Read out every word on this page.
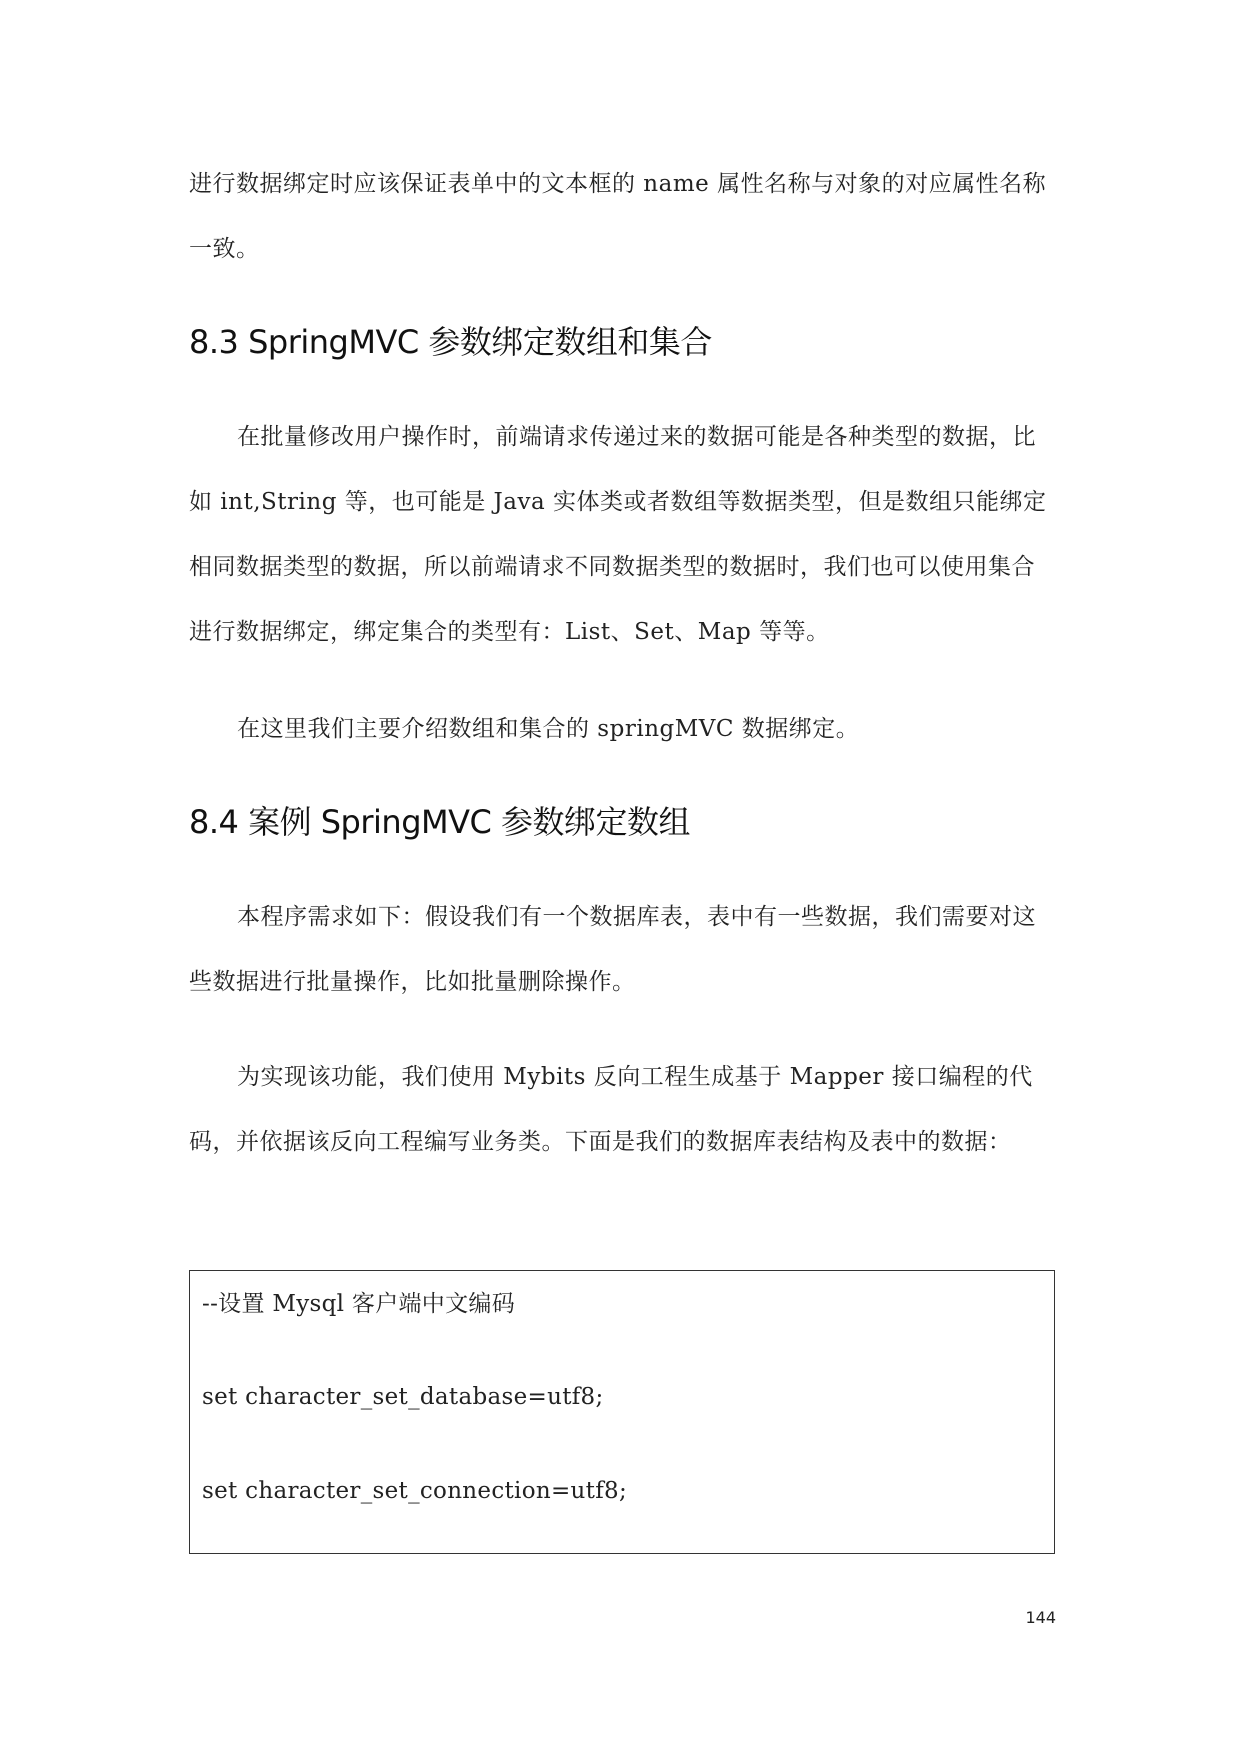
进行数据绑定时应该保证表单中的文本框的 name 属性名称与对象的对应属性名称一致。

8.3 SpringMVC 参数绑定数组和集合

在批量修改用户操作时，前端请求传递过来的数据可能是各种类型的数据，比如 int,String 等，也可能是 Java 实体类或者数组等数据类型，但是数组只能绑定相同数据类型的数据，所以前端请求不同数据类型的数据时，我们也可以使用集合进行数据绑定，绑定集合的类型有：List、Set、Map 等等。

在这里我们主要介绍数组和集合的 springMVC 数据绑定。

8.4 案例 SpringMVC 参数绑定数组

本程序需求如下：假设我们有一个数据库表，表中有一些数据，我们需要对这些数据进行批量操作，比如批量删除操作。

为实现该功能，我们使用 Mybits 反向工程生成基于 Mapper 接口编程的代码，并依据该反向工程编写业务类。下面是我们的数据库表结构及表中的数据：

--设置 Mysql 客户端中文编码
set character_set_database=utf8;
set character_set_connection=utf8;
144
